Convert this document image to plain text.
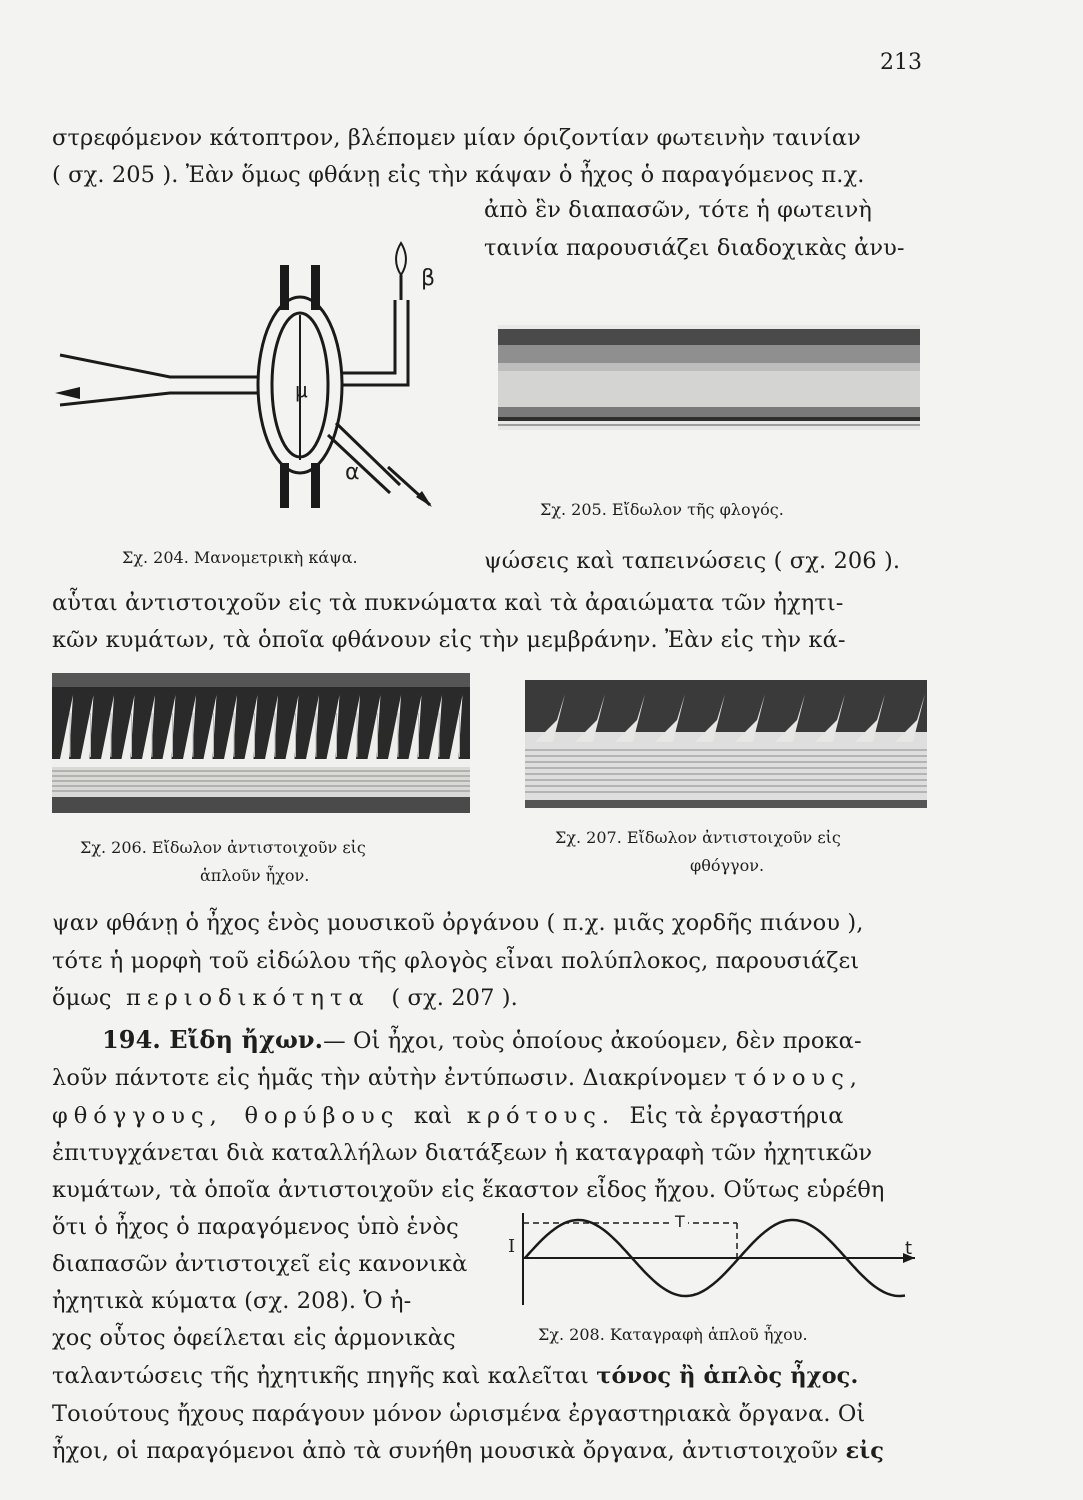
213
στρεφόμενον κάτοπτρον, βλέπομεν μίαν όριζοντίαν φωτεινὴν ταινίαν
( σχ. 205 ). Ἐὰν ὅμως φθάνῃ εἰς τὴν κάψαν ὁ ἦχος ὁ παραγόμενος π.χ.
ἀπὸ ἓν διαπασῶν, τότε ἡ φωτεινὴ
ταινία παρουσιάζει διαδοχικὰς ἀνυ-
β
μ
α
Σχ. 204. Μανομετρικὴ κάψα.
Σχ. 205. Εἴδωλον τῆς φλογός.
ψώσεις καὶ ταπεινώσεις ( σχ. 206 ).
αὗται ἀντιστοιχοῦν εἰς τὰ πυκνώματα καὶ τὰ ἀραιώματα τῶν ἠχητι-
κῶν κυμάτων, τὰ ὁποῖα φθάνουν εἰς τὴν μεμβράνην. Ἐὰν εἰς τὴν κά-
Σχ. 206. Εἴδωλον ἀντιστοιχοῦν εἰς
ἁπλοῦν ἦχον.
Σχ. 207. Εἴδωλον ἀντιστοιχοῦν εἰς
φθόγγον.
ψαν φθάνῃ ὁ ἦχος ἑνὸς μουσικοῦ ὀργάνου ( π.χ. μιᾶς χορδῆς πιάνου ),
τότε ἡ μορφὴ τοῦ εἰδώλου τῆς φλογὸς εἶναι πολύπλοκος, παρουσιάζει
ὅμως περιοδικότητα ( σχ. 207 ).
194. Εἴδη ἤχων.— Οἱ ἦχοι, τοὺς ὁποίους ἀκούομεν, δὲν προκα-
λοῦν πάντοτε εἰς ἡμᾶς τὴν αὐτὴν ἐντύπωσιν. Διακρίνομεν τόνους,
φθόγγους, θορύβους καὶ κρότους. Εἰς τὰ ἐργαστήρια
ἐπιτυγχάνεται διὰ καταλλήλων διατάξεων ἡ καταγραφὴ τῶν ἠχητικῶν
κυμάτων, τὰ ὁποῖα ἀντιστοιχοῦν εἰς ἕκαστον εἶδος ἤχου. Οὕτως εὑρέθη
ὅτι ὁ ἦχος ὁ παραγόμενος ὑπὸ ἑνὸς
διαπασῶν ἀντιστοιχεῖ εἰς κανονικὰ
ἠχητικὰ κύματα (σχ. 208). Ὁ ἠ-
χος οὗτος ὀφείλεται εἰς ἁρμονικὰς
T
I	t
Σχ. 208. Καταγραφὴ ἁπλοῦ ἦχου.
ταλαντώσεις τῆς ἠχητικῆς πηγῆς καὶ καλεῖται τόνος ἢ ἁπλὸς ἦχος.
Τοιούτους ἤχους παράγουν μόνον ὡρισμένα ἐργαστηριακὰ ὄργανα. Οἱ
ἦχοι, οἱ παραγόμενοι ἀπὸ τὰ συνήθη μουσικὰ ὄργανα, ἀντιστοιχοῦν εἰς
